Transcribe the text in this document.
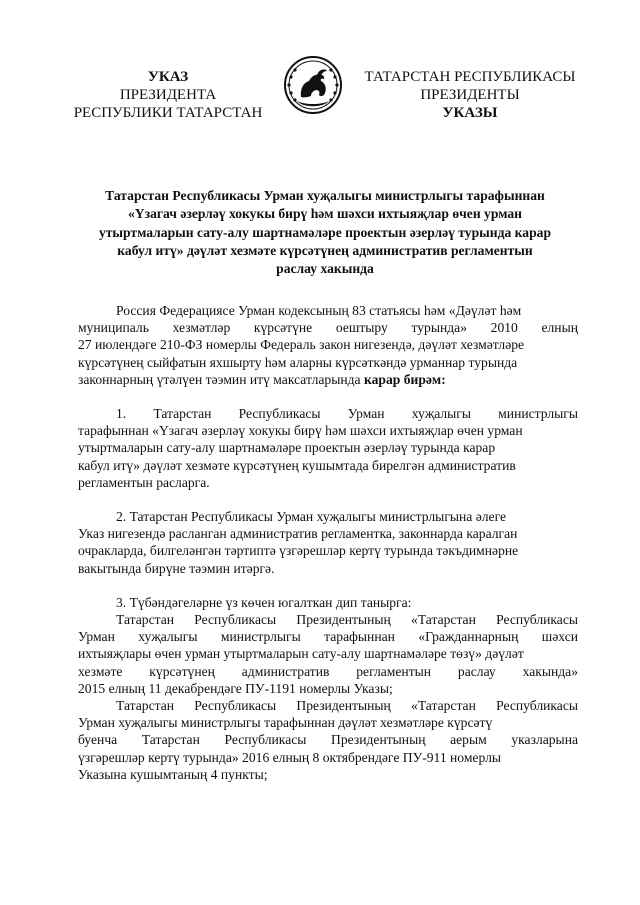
УКАЗ
ПРЕЗИДЕНТА
РЕСПУБЛИКИ ТАТАРСТАН
ТАТАРСТАН РЕСПУБЛИКАСЫ
ПРЕЗИДЕНТЫ
УКАЗЫ
Татарстан Республикасы Урман хуҗалыгы министрлыгы тарафыннан
«Үзагач әзерләү хокукы бирү һәм шәхси ихтыяҗлар өчен урман
утыртмаларын сату-алу шартнамәләре проектын әзерләү турында карар
кабул итү» дәүләт хезмәте күрсәтүнең административ регламентын
раслау хакында
Россия Федерациясе Урман кодексының 83 статьясы һәм «Дәүләт һәм
муниципаль хезмәтләр күрсәтүне оештыру турында» 2010 елның
27 июлендәге 210-ФЗ номерлы Федераль закон нигезендә, дәүләт хезмәтләре
күрсәтүнең сыйфатын яхшырту һәм аларны күрсәткәндә урманнар турында
законнарның үтәлүен тәэмин итү максатларында карар бирәм:
1. Татарстан Республикасы Урман хуҗалыгы министрлыгы
тарафыннан «Үзагач әзерләү хокукы бирү һәм шәхси ихтыяҗлар өчен урман
утыртмаларын сату-алу шартнамәләре проектын әзерләү турында карар
кабул итү» дәүләт хезмәте күрсәтүнең кушымтада бирелгән административ
регламентын расларга.
2. Татарстан Республикасы Урман хуҗалыгы министрлыгына әлеге
Указ нигезендә расланган административ регламентка, законнарда каралган
очракларда, билгеләнгән тәртиптә үзгәрешләр кертү турында тәкъдимнәрне
вакытында бирүне тәэмин итәргә.
3. Түбәндәгеләрне үз көчен югалткан дип танырга:
Татарстан Республикасы Президентының «Татарстан Республикасы
Урман хуҗалыгы министрлыгы тарафыннан «Гражданнарның шәхси
ихтыяҗлары өчен урман утыртмаларын сату-алу шартнамәләре төзү» дәүләт
хезмәте күрсәтүнең административ регламентын раслау хакында»
2015 елның 11 декабрендәге ПУ-1191 номерлы Указы;
Татарстан Республикасы Президентының «Татарстан Республикасы
Урман хуҗалыгы министрлыгы тарафыннан дәүләт хезмәтләре күрсәтү
буенча Татарстан Республикасы Президентының аерым указларына
үзгәрешләр кертү турында» 2016 елның 8 октябрендәге ПУ-911 номерлы
Указына кушымтаның 4 пункты;
